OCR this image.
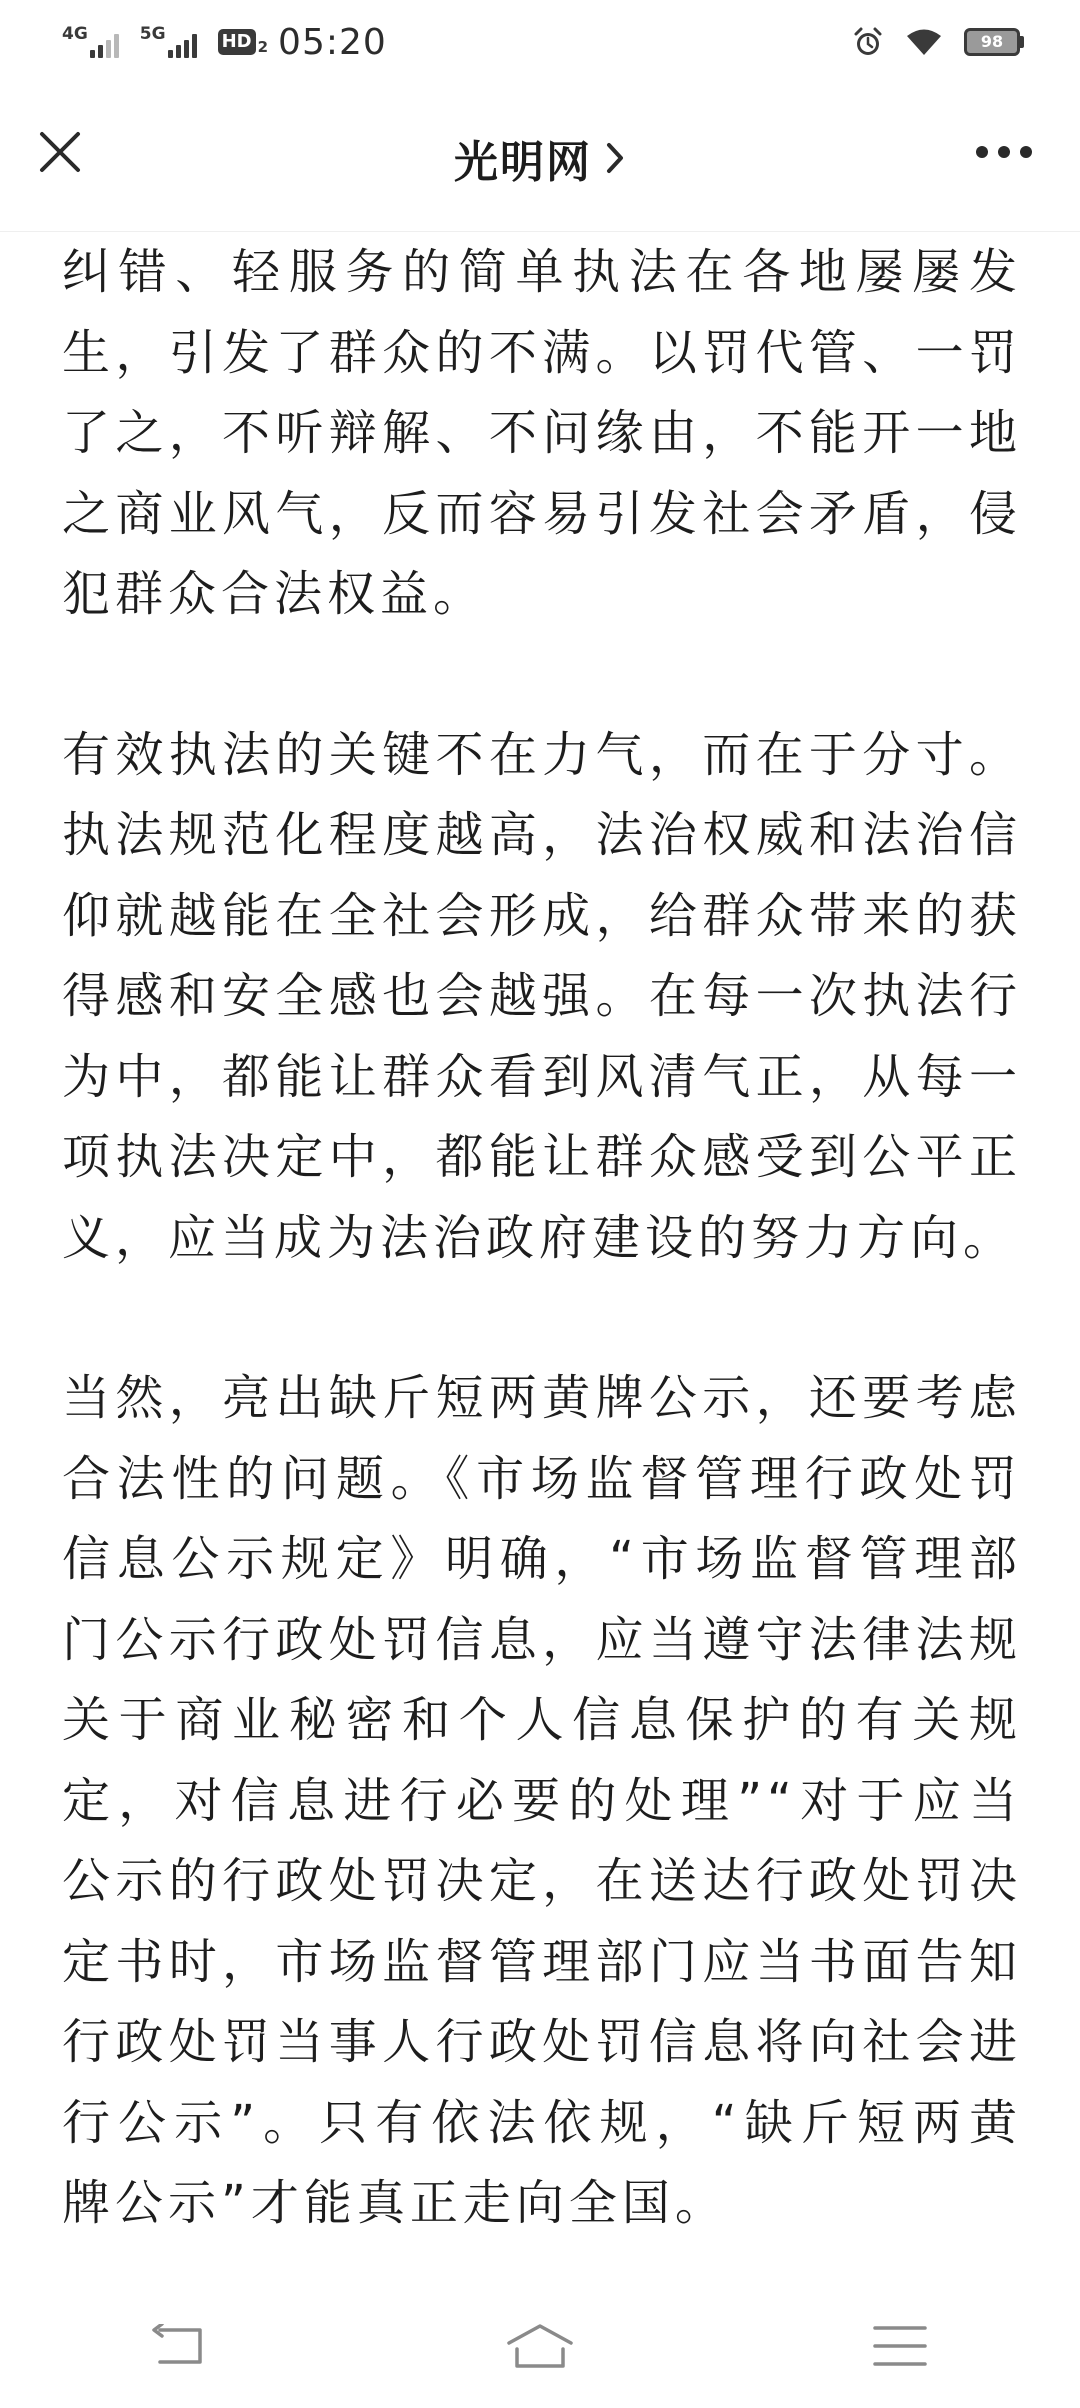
4G	5G	HD 2 05:20	98
光明网

纠错、轻服务的简单执法在各地屡屡发生，引发了群众的不满。以罚代管、一罚了之，不听辩解、不问缘由，不能开一地之商业风气，反而容易引发社会矛盾，侵犯群众合法权益。

有效执法的关键不在力气，而在于分寸。执法规范化程度越高，法治权威和法治信仰就越能在全社会形成，给群众带来的获得感和安全感也会越强。在每一次执法行为中，都能让群众看到风清气正，从每一项执法决定中，都能让群众感受到公平正义，应当成为法治政府建设的努力方向。

当然，亮出缺斤短两黄牌公示，还要考虑合法性的问题。《市场监督管理行政处罚信息公示规定》明确，“市场监督管理部门公示行政处罚信息，应当遵守法律法规关于商业秘密和个人信息保护的有关规定，对信息进行必要的处理”“对于应当公示的行政处罚决定，在送达行政处罚决定书时，市场监督管理部门应当书面告知行政处罚当事人行政处罚信息将向社会进行公示”。只有依法依规，“缺斤短两黄牌公示”才能真正走向全国。
